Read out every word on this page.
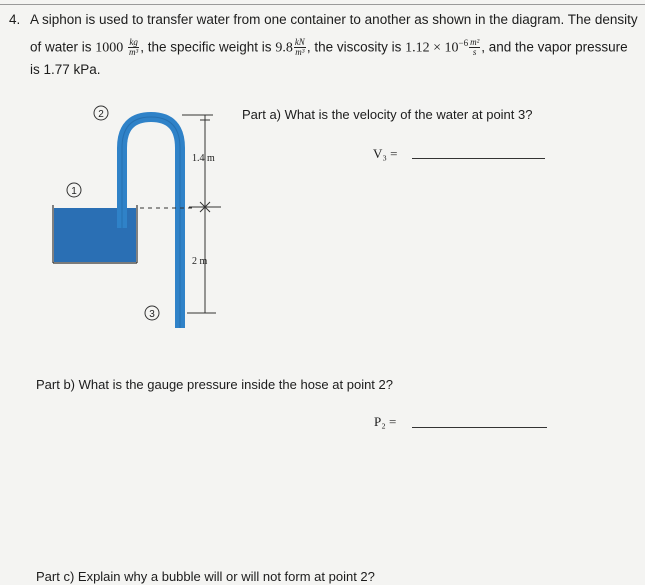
4. A siphon is used to transfer water from one container to another as shown in the diagram. The density
of water is $1000 \frac{kg}{\text{m³}}$ , the specific weight is $9.8 \frac{kN}{\text{m³}}$ , the viscosity is $1.12 \times 10^{-6} \frac{\text{m²}}{s}$ , and the vapor pressure
is 1.77 kPa.
1.4 m
2 m
2
1
3
Part a) What is the velocity of the water at point 3?
V₃ =
Part b) What is the gauge pressure inside the hose at point 2?
P₂ =
Part c) Explain why a bubble will or will not form at point 2?
